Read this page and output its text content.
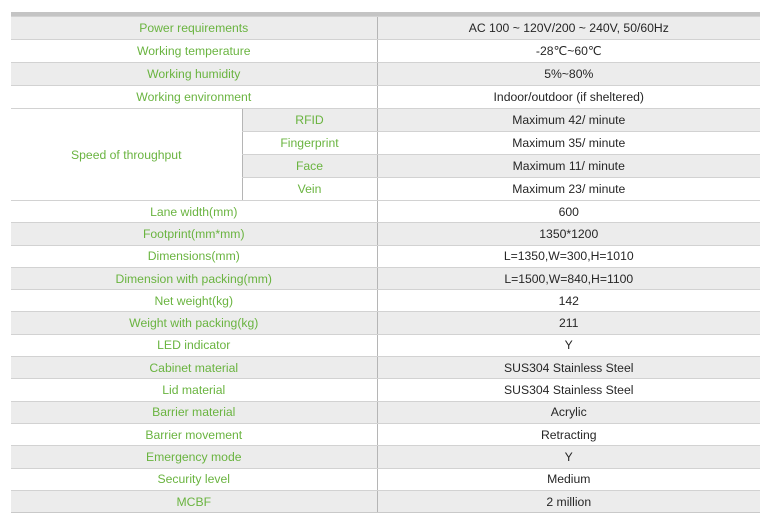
Power requirements		AC 100 ~ 120V/200 ~ 240V, 50/60Hz
Working temperature		-28℃~60℃
Working humidity		5%~80%
Working environment		Indoor/outdoor (if sheltered)
Speed of throughput	RFID	Maximum 42/ minute
	Fingerprint	Maximum 35/ minute
	Face	Maximum 11/ minute
	Vein	Maximum 23/ minute
Lane width(mm)		600
Footprint(mm*mm)		1350*1200
Dimensions(mm)		L=1350,W=300,H=1010
Dimension with packing(mm)		L=1500,W=840,H=1100
Net weight(kg)		142
Weight with packing(kg)		211
LED indicator		Y
Cabinet material		SUS304 Stainless Steel
Lid material		SUS304 Stainless Steel
Barrier material		Acrylic
Barrier movement		Retracting
Emergency mode		Y
Security level		Medium
MCBF		2 million
